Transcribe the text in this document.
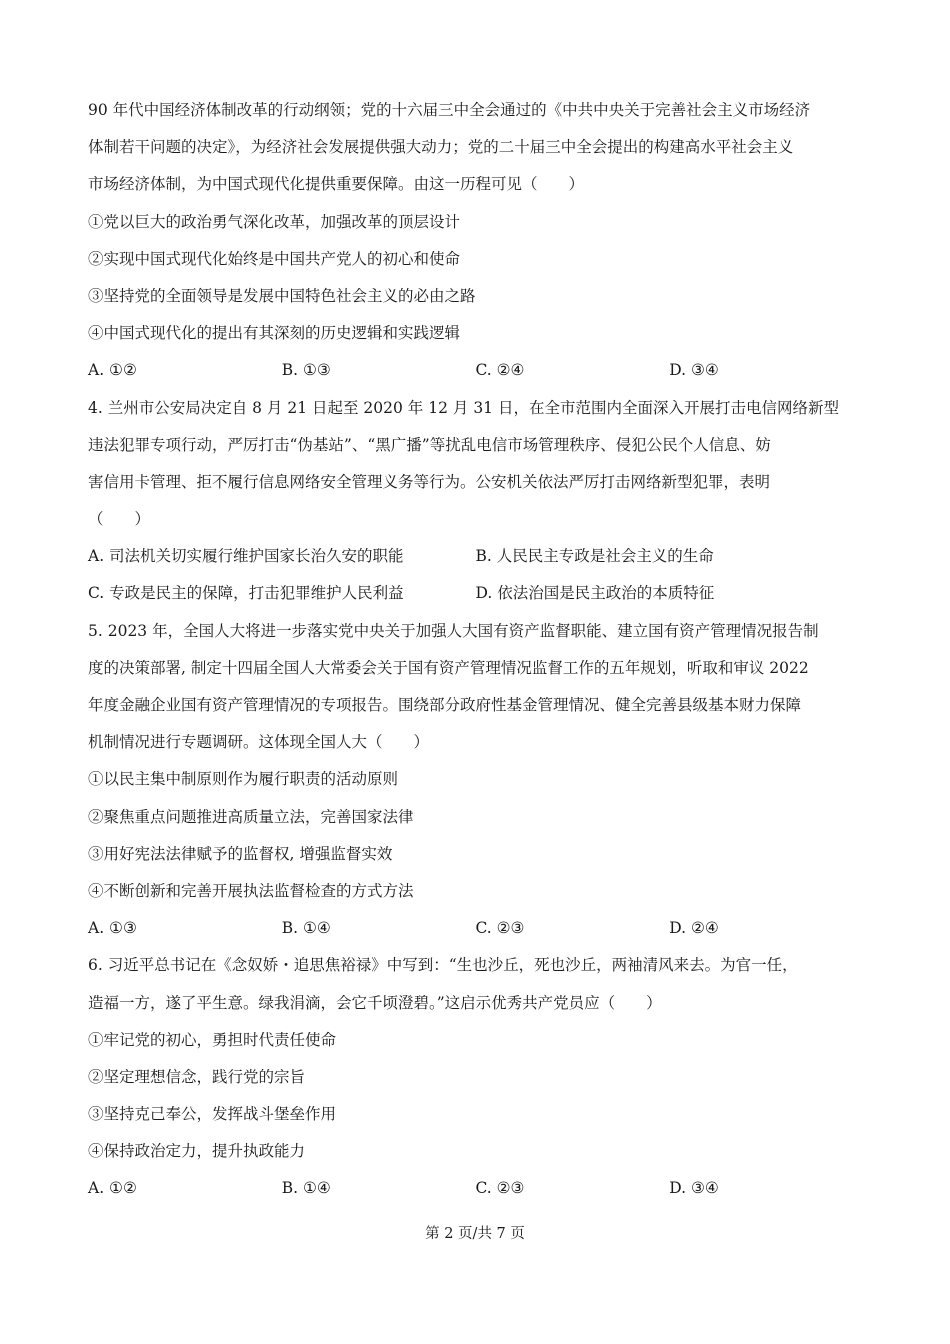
90 年代中国经济体制改革的行动纲领；党的十六届三中全会通过的《中共中央关于完善社会主义市场经济
体制若干问题的决定》，为经济社会发展提供强大动力；党的二十届三中全会提出的构建高水平社会主义
市场经济体制，为中国式现代化提供重要保障。由这一历程可见（　　）
①党以巨大的政治勇气深化改革，加强改革的顶层设计
②实现中国式现代化始终是中国共产党人的初心和使命
③坚持党的全面领导是发展中国特色社会主义的必由之路
④中国式现代化的提出有其深刻的历史逻辑和实践逻辑
A. ①②	B. ①③	C. ②④	D. ③④
4. 兰州市公安局决定自 8 月 21 日起至 2020 年 12 月 31 日，在全市范围内全面深入开展打击电信网络新型
违法犯罪专项行动，严厉打击“伪基站”、“黑广播”等扰乱电信市场管理秩序、侵犯公民个人信息、妨
害信用卡管理、拒不履行信息网络安全管理义务等行为。公安机关依法严厉打击网络新型犯罪，表明
（　　）
A. 司法机关切实履行维护国家长治久安的职能	B. 人民民主专政是社会主义的生命
C. 专政是民主的保障，打击犯罪维护人民利益	D. 依法治国是民主政治的本质特征
5. 2023 年，全国人大将进一步落实党中央关于加强人大国有资产监督职能、建立国有资产管理情况报告制
度的决策部署, 制定十四届全国人大常委会关于国有资产管理情况监督工作的五年规划，听取和审议 2022
年度金融企业国有资产管理情况的专项报告。围绕部分政府性基金管理情况、健全完善县级基本财力保障
机制情况进行专题调研。这体现全国人大（　　）
①以民主集中制原则作为履行职责的活动原则
②聚焦重点问题推进高质量立法，完善国家法律
③用好宪法法律赋予的监督权, 增强监督实效
④不断创新和完善开展执法监督检查的方式方法
A. ①③	B. ①④	C. ②③	D. ②④
6. 习近平总书记在《念奴娇・追思焦裕禄》中写到：“生也沙丘，死也沙丘，两袖清风来去。为官一任，
造福一方，遂了平生意。绿我涓滴，会它千顷澄碧。”这启示优秀共产党员应（　　）
①牢记党的初心，勇担时代责任使命
②坚定理想信念，践行党的宗旨
③坚持克己奉公，发挥战斗堡垒作用
④保持政治定力，提升执政能力
A. ①②	B. ①④	C. ②③	D. ③④
第 2 页/共 7 页
